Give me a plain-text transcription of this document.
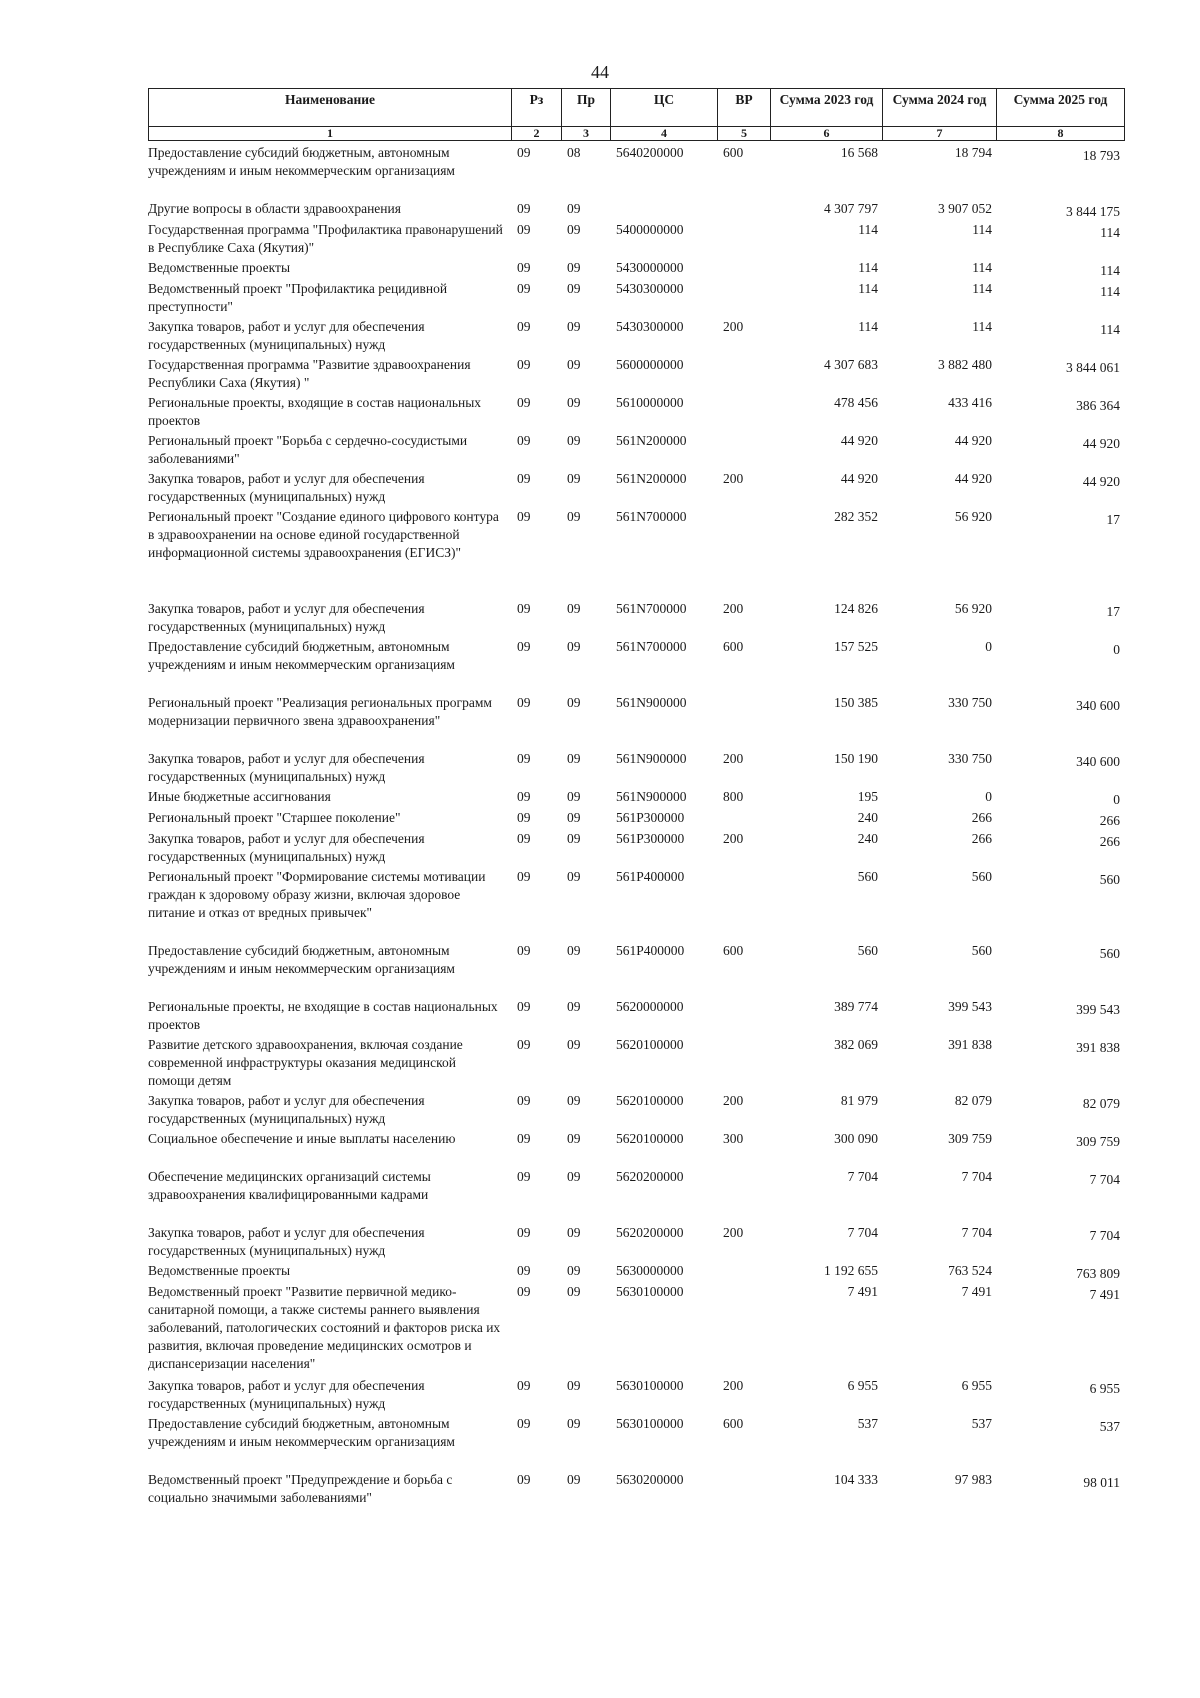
44
Наименование	Рз	Пр	ЦС	ВР	Сумма 2023 год	Сумма 2024 год	Сумма 2025 год
1	2	3	4	5	6	7	8
Предоставление субсидий бюджетным, автономным учреждениям и иным некоммерческим организациям	09	08	5640200000	600	16 568	18 794	18 793
Другие вопросы в области здравоохранения	09	09			4 307 797	3 907 052	3 844 175
Государственная программа "Профилактика правонарушений в Республике Саха (Якутия)"	09	09	5400000000		114	114	114
Ведомственные проекты	09	09	5430000000		114	114	114
Ведомственный проект "Профилактика рецидивной преступности"	09	09	5430300000		114	114	114
Закупка товаров, работ и услуг для обеспечения государственных (муниципальных) нужд	09	09	5430300000	200	114	114	114
Государственная программа "Развитие здравоохранения Республики Саха (Якутия) "	09	09	5600000000		4 307 683	3 882 480	3 844 061
Региональные проекты, входящие в состав национальных проектов	09	09	5610000000		478 456	433 416	386 364
Региональный проект "Борьба с сердечно-сосудистыми заболеваниями"	09	09	561N200000		44 920	44 920	44 920
Закупка товаров, работ и услуг для обеспечения государственных (муниципальных) нужд	09	09	561N200000	200	44 920	44 920	44 920
Региональный проект "Создание единого цифрового контура в здравоохранении на основе единой государственной информационной системы здравоохранения (ЕГИСЗ)"	09	09	561N700000		282 352	56 920	17
Закупка товаров, работ и услуг для обеспечения государственных (муниципальных) нужд	09	09	561N700000	200	124 826	56 920	17
Предоставление субсидий бюджетным, автономным учреждениям и иным некоммерческим организациям	09	09	561N700000	600	157 525	0	0
Региональный проект "Реализация региональных программ модернизации первичного звена здравоохранения"	09	09	561N900000		150 385	330 750	340 600
Закупка товаров, работ и услуг для обеспечения государственных (муниципальных) нужд	09	09	561N900000	200	150 190	330 750	340 600
Иные бюджетные ассигнования	09	09	561N900000	800	195	0	0
Региональный проект "Старшее поколение"	09	09	561P300000		240	266	266
Закупка товаров, работ и услуг для обеспечения государственных (муниципальных) нужд	09	09	561P300000	200	240	266	266
Региональный проект "Формирование системы мотивации граждан к здоровому образу жизни, включая здоровое питание и отказ от вредных привычек"	09	09	561P400000		560	560	560
Предоставление субсидий бюджетным, автономным учреждениям и иным некоммерческим организациям	09	09	561P400000	600	560	560	560
Региональные проекты, не входящие в состав национальных проектов	09	09	5620000000		389 774	399 543	399 543
Развитие детского здравоохранения, включая создание современной инфраструктуры оказания медицинской помощи детям	09	09	5620100000		382 069	391 838	391 838
Закупка товаров, работ и услуг для обеспечения государственных (муниципальных) нужд	09	09	5620100000	200	81 979	82 079	82 079
Социальное обеспечение и иные выплаты населению	09	09	5620100000	300	300 090	309 759	309 759
Обеспечение медицинских организаций системы здравоохранения квалифицированными кадрами	09	09	5620200000		7 704	7 704	7 704
Закупка товаров, работ и услуг для обеспечения государственных (муниципальных) нужд	09	09	5620200000	200	7 704	7 704	7 704
Ведомственные проекты	09	09	5630000000		1 192 655	763 524	763 809
Ведомственный проект "Развитие первичной медико-санитарной помощи, а также системы раннего выявления заболеваний, патологических состояний и факторов риска их развития, включая проведение медицинских осмотров и диспансеризации населения"	09	09	5630100000		7 491	7 491	7 491
Закупка товаров, работ и услуг для обеспечения государственных (муниципальных) нужд	09	09	5630100000	200	6 955	6 955	6 955
Предоставление субсидий бюджетным, автономным учреждениям и иным некоммерческим организациям	09	09	5630100000	600	537	537	537
Ведомственный проект "Предупреждение и борьба с социально значимыми заболеваниями"	09	09	5630200000		104 333	97 983	98 011
